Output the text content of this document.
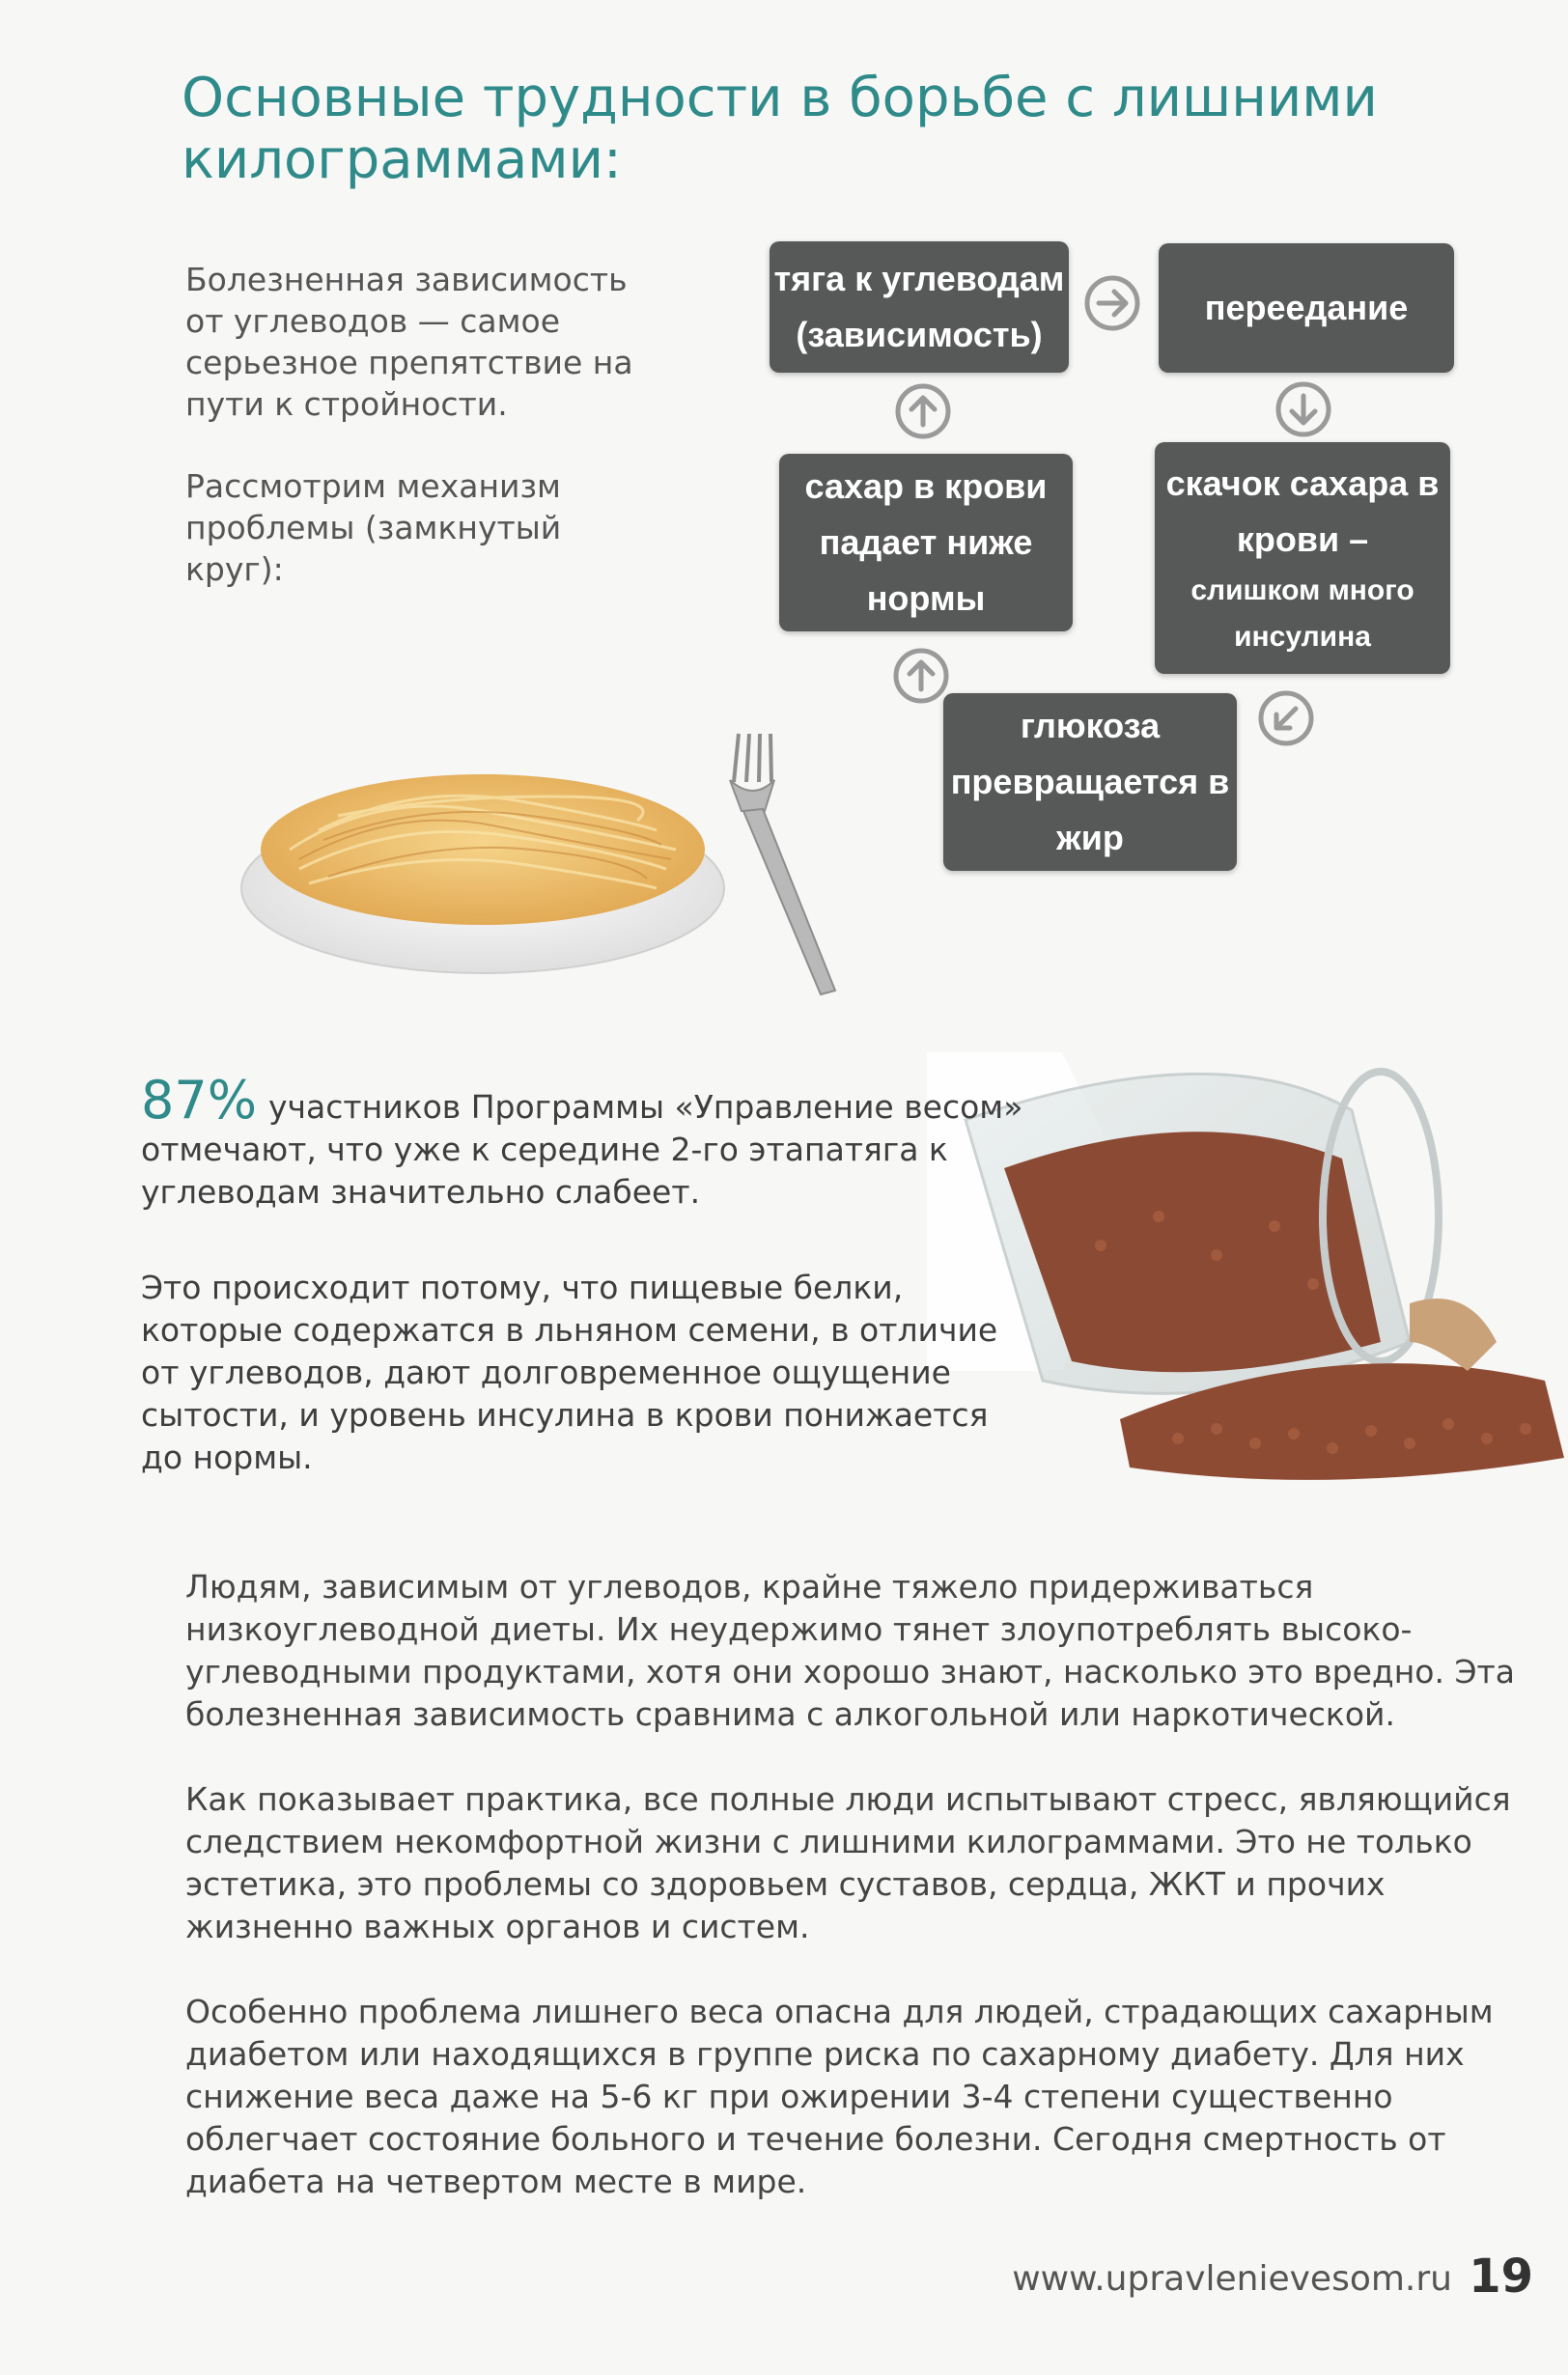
Основные трудности в борьбе с лишними килограммами:

Болезненная зависимость от углеводов — самое серьезное препятствие на пути к стройности.

Рассмотрим механизм проблемы (замкнутый круг):

тяга к углеводам (зависимость)
переедание
скачок сахара в крови –
слишком много инсулина
глюкоза превращается в жир
сахар в крови падает ниже нормы

87% участников Программы «Управление весом» отмечают, что уже к середине 2-го этапатяга к углеводам значительно слабеет.

Это происходит потому, что пищевые белки, которые содержатся в льняном семени, в отличие от углеводов, дают долговременное ощущение сытости, и уровень инсулина в крови понижается до нормы.

Людям, зависимым от углеводов, крайне тяжело придерживаться низкоуглеводной диеты. Их неудержимо тянет злоупотреблять высоко-углеводными продуктами, хотя они хорошо знают, насколько это вредно. Эта болезненная зависимость сравнима с алкогольной или наркотической.

Как показывает практика, все полные люди испытывают стресс, являющийся следствием некомфортной жизни с лишними килограммами. Это не только эстетика, это проблемы со здоровьем суставов, сердца, ЖКТ и прочих жизненно важных органов и систем.

Особенно проблема лишнего веса опасна для людей, страдающих сахарным диабетом или находящихся в группе риска по сахарному диабету. Для них снижение веса даже на 5-6 кг при ожирении 3-4 степени существенно облегчает состояние больного и течение болезни. Сегодня смертность от диабета на четвертом месте в мире.

www.upravlenievesom.ru 19
